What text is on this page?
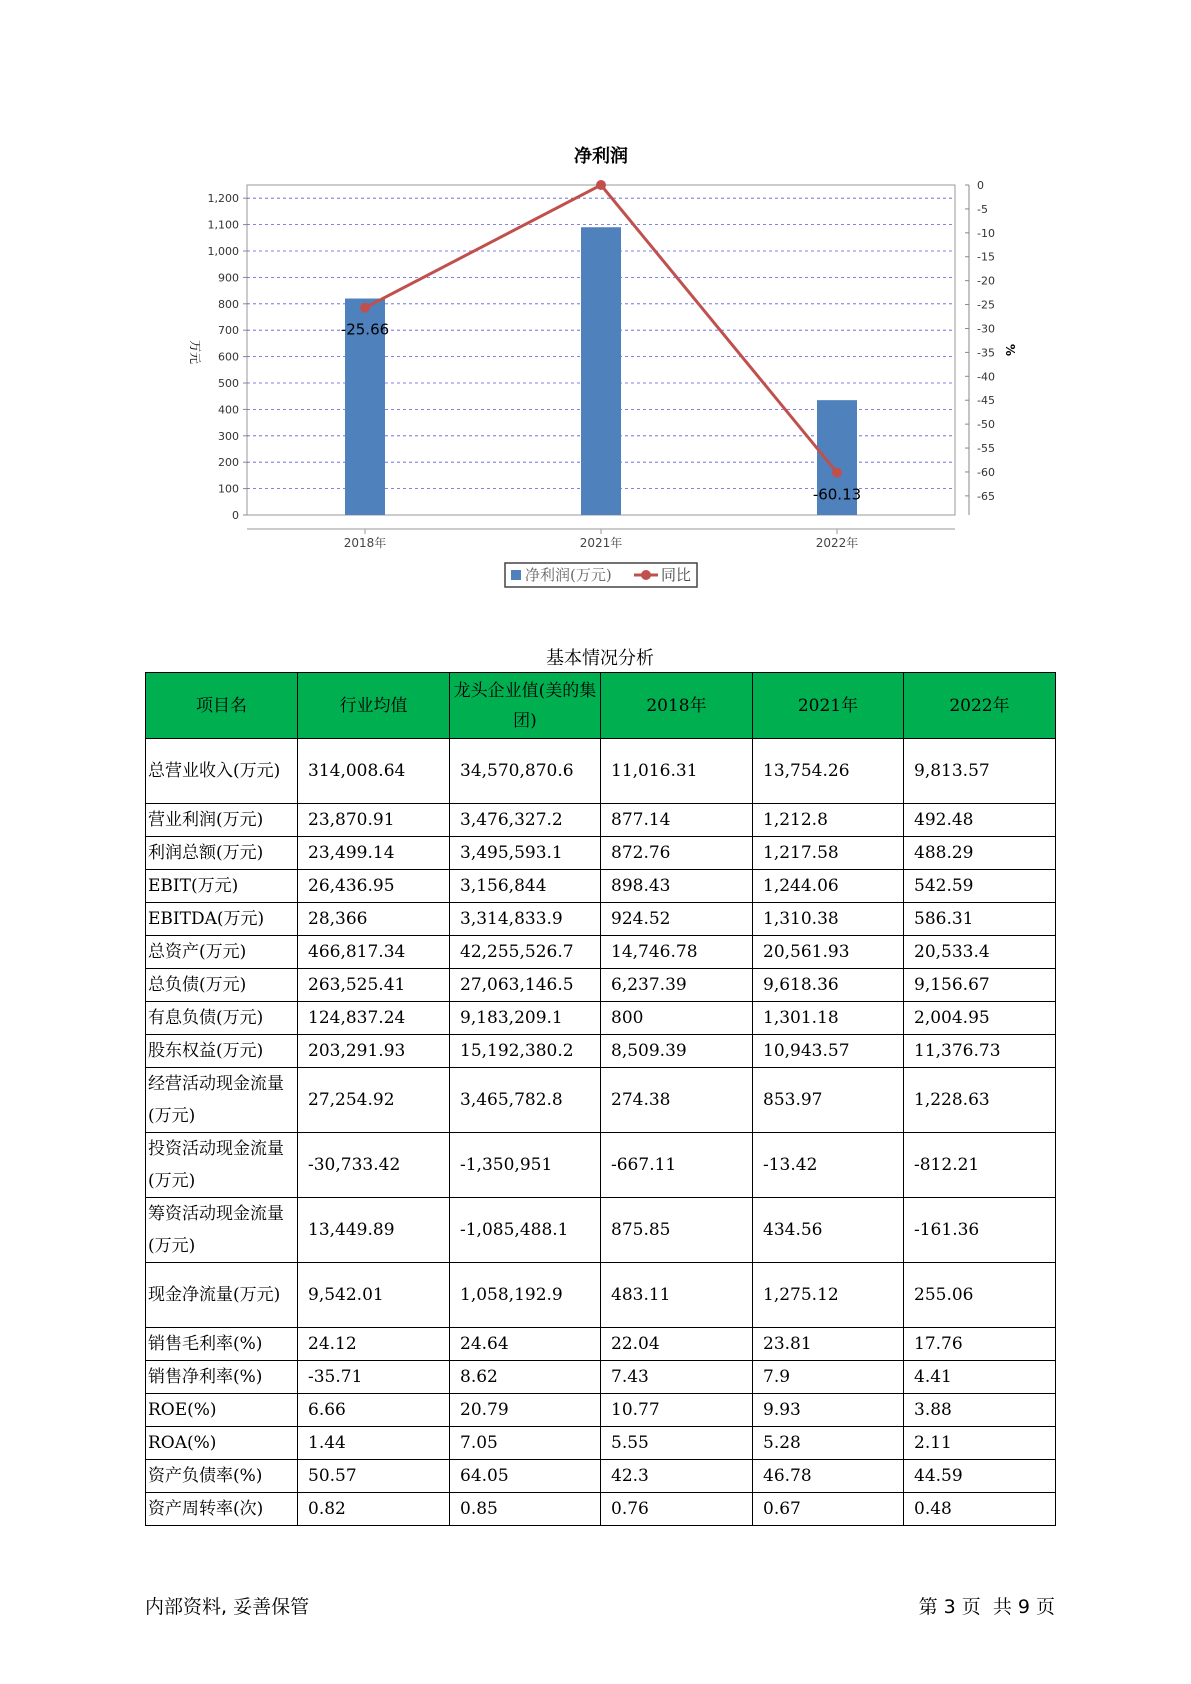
净利润
0
100
200
300
400
500
600
700
800
900
1,000
1,100
1,200
0
-5
-10
-15
-20
-25
-30
-35
-40
-45
-50
-55
-60
-65
万元	%
2018年	2021年	2022年
-25.66
-60.13
净利润(万元)	同比
基本情况分析
项目名	行业均值	龙头企业值(美的集团)	2018年	2021年	2022年
总营业收入(万元)	314,008.64	34,570,870.6	11,016.31	13,754.26	9,813.57
营业利润(万元)	23,870.91	3,476,327.2	877.14	1,212.8	492.48
利润总额(万元)	23,499.14	3,495,593.1	872.76	1,217.58	488.29
EBIT(万元)	26,436.95	3,156,844	898.43	1,244.06	542.59
EBITDA(万元)	28,366	3,314,833.9	924.52	1,310.38	586.31
总资产(万元)	466,817.34	42,255,526.7	14,746.78	20,561.93	20,533.4
总负债(万元)	263,525.41	27,063,146.5	6,237.39	9,618.36	9,156.67
有息负债(万元)	124,837.24	9,183,209.1	800	1,301.18	2,004.95
股东权益(万元)	203,291.93	15,192,380.2	8,509.39	10,943.57	11,376.73
经营活动现金流量(万元)	27,254.92	3,465,782.8	274.38	853.97	1,228.63
投资活动现金流量(万元)	-30,733.42	-1,350,951	-667.11	-13.42	-812.21
筹资活动现金流量(万元)	13,449.89	-1,085,488.1	875.85	434.56	-161.36
现金净流量(万元)	9,542.01	1,058,192.9	483.11	1,275.12	255.06
销售毛利率(%)	24.12	24.64	22.04	23.81	17.76
销售净利率(%)	-35.71	8.62	7.43	7.9	4.41
ROE(%)	6.66	20.79	10.77	9.93	3.88
ROA(%)	1.44	7.05	5.55	5.28	2.11
资产负债率(%)	50.57	64.05	42.3	46.78	44.59
资产周转率(次)	0.82	0.85	0.76	0.67	0.48
内部资料, 妥善保管	第 3 页  共 9 页
